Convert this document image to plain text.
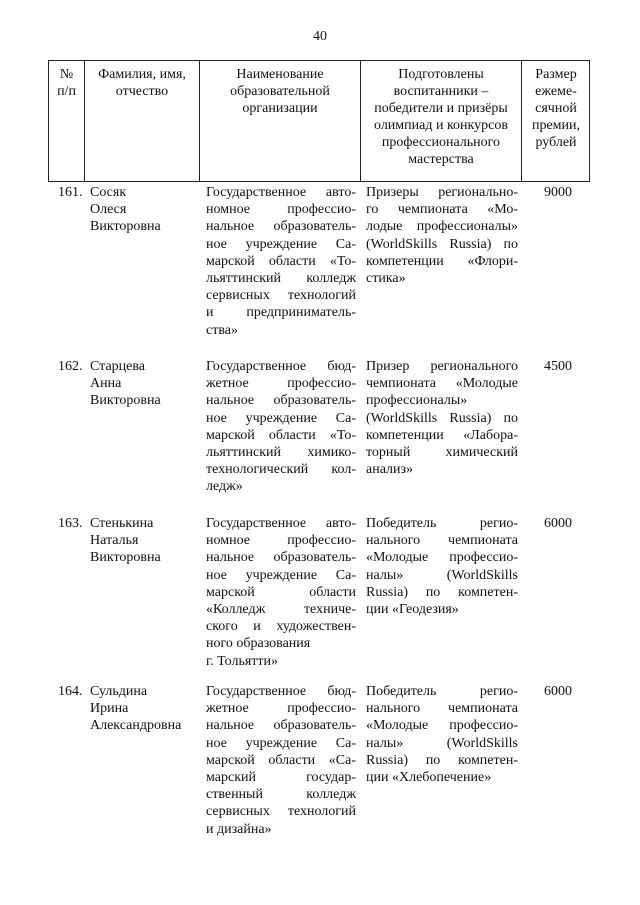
40
№
п/п
Фамилия, имя,
отчество
Наименование
образовательной
организации
Подготовлены
воспитанники –
победители и призёры
олимпиад и конкурсов
профессионального
мастерства
Размер
ежеме-
сячной
премии,
рублей
161. Сосяк
Олеся
Викторовна
Государственное авто-
номное профессио-
нальное образователь-
ное учреждение Са-
марской области «То-
льяттинский колледж
сервисных технологий
и предприниматель-
ства»
Призеры регионально-
го чемпионата «Мо-
лодые профессионалы»
(WorldSkills Russia) по
компетенции «Флори-
стика»
9000
162. Старцева
Анна
Викторовна
Государственное бюд-
жетное профессио-
нальное образователь-
ное учреждение Са-
марской области «То-
льяттинский химико-
технологический кол-
ледж»
Призер регионального
чемпионата «Молодые
профессионалы»
(WorldSkills Russia) по
компетенции «Лабора-
торный химический
анализ»
4500
163. Стенькина
Наталья
Викторовна
Государственное авто-
номное профессио-
нальное образователь-
ное учреждение Са-
марской области
«Колледж техниче-
ского и художествен-
ного образования
г. Тольятти»
Победитель регио-
нального чемпионата
«Молодые профессио-
налы» (WorldSkills
Russia) по компетен-
ции «Геодезия»
6000
164. Сульдина
Ирина
Александровна
Государственное бюд-
жетное профессио-
нальное образователь-
ное учреждение Са-
марской области «Са-
марский государ-
ственный колледж
сервисных технологий
и дизайна»
Победитель регио-
нального чемпионата
«Молодые профессио-
налы» (WorldSkills
Russia) по компетен-
ции «Хлебопечение»
6000
